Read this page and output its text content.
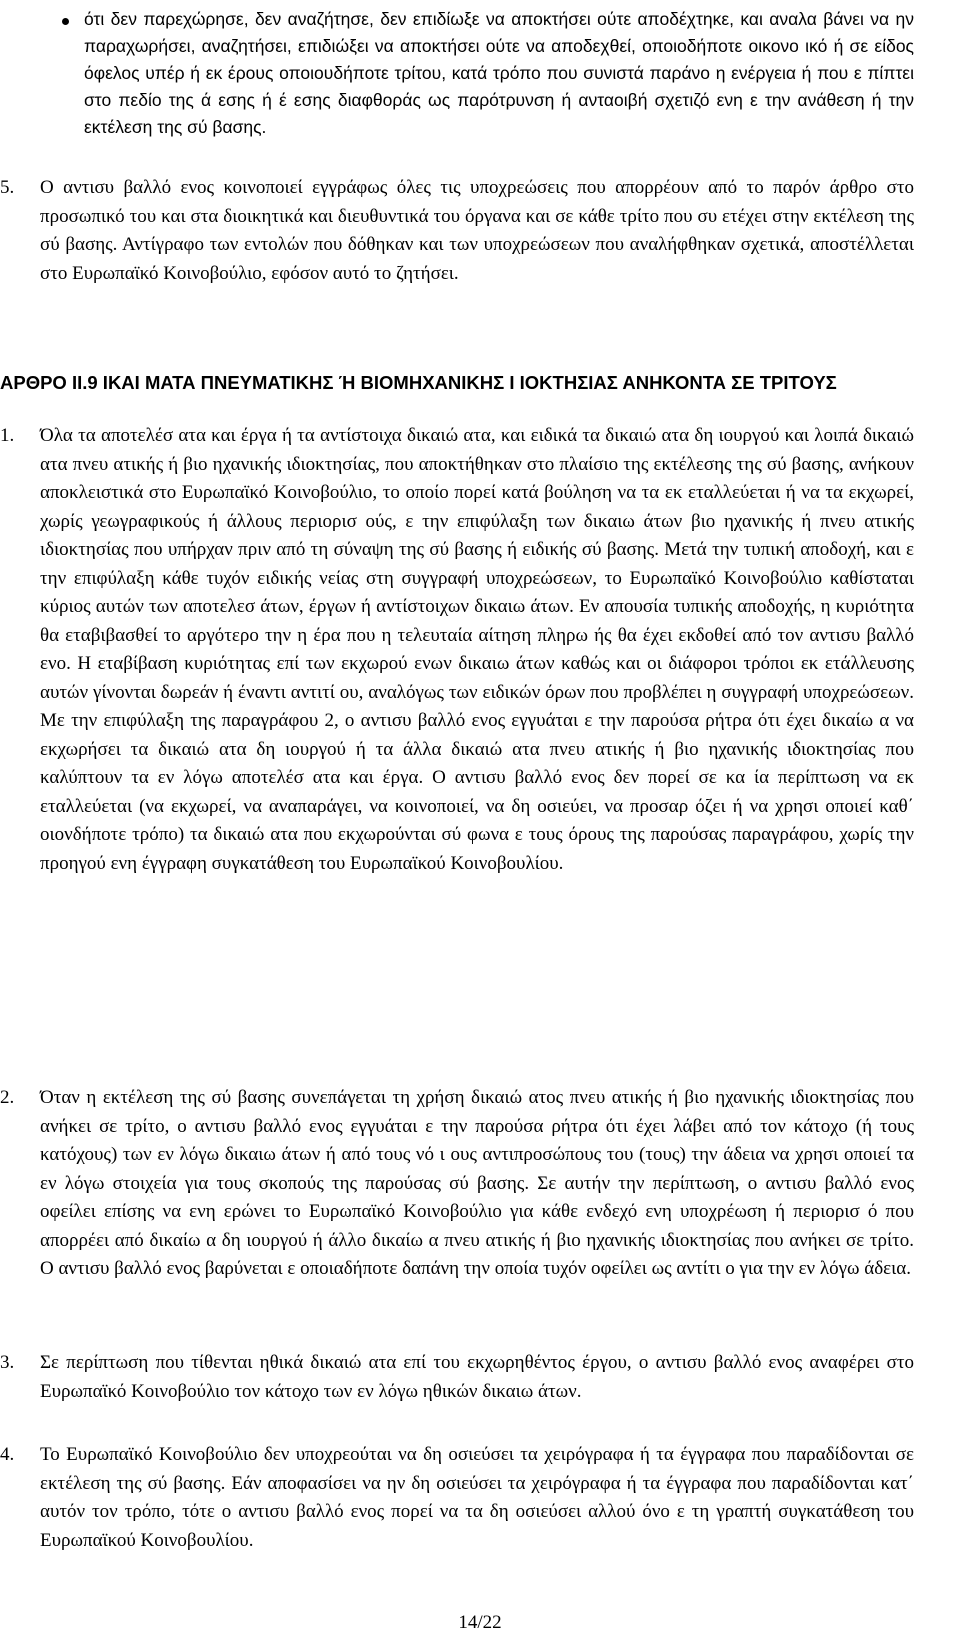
ότι δεν παρεχώρησε, δεν αναζήτησε, δεν επιδίωξε να αποκτήσει ούτε αποδέχτηκε, και αναλα βάνει να ην παραχωρήσει, αναζητήσει, επιδιώξει να αποκτήσει ούτε να αποδεχθεί, οποιοδήποτε οικονο ικό ή σε είδος όφελος υπέρ ή εκ έρους οποιουδήποτε τρίτου, κατά τρόπο που συνιστά παράνο η ενέργεια ή που ε πίπτει στο πεδίο της ά εσης ή έ εσης διαφθοράς ως παρότρυνση ή ανταοιβή σχετιζό ενη ε την ανάθεση ή την εκτέλεση της σύ βασης.

5. Ο αντισυ βαλλό ενος κοινοποιεί εγγράφως όλες τις υποχρεώσεις που απορρέουν από το παρόν άρθρο στο προσωπικό του και στα διοικητικά και διευθυντικά του όργανα και σε κάθε τρίτο που συ ετέχει στην εκτέλεση της σύ βασης. Αντίγραφο των εντολών που δόθηκαν και των υποχρεώσεων που αναλήφθηκαν σχετικά, αποστέλλεται στο Ευρωπαϊκό Κοινοβούλιο, εφόσον αυτό το ζητήσει.

ΑΡΘΡΟ II.9 ΙΚΑΙ ΜΑΤΑ ΠΝΕΥΜΑΤΙΚΗΣ Ή ΒΙΟΜΗΧΑΝΙΚΗΣ Ι ΙΟΚΤΗΣΙΑΣ ΑΝΗΚΟΝΤΑ ΣΕ ΤΡΙΤΟΥΣ
1. Όλα τα αποτελέσ ατα και έργα ή τα αντίστοιχα δικαιώ ατα, και ειδικά τα δικαιώ ατα δη ιουργού και λοιπά δικαιώ ατα πνευ ατικής ή βιο ηχανικής ιδιοκτησίας, που αποκτήθηκαν στο πλαίσιο της εκτέλεσης της σύ βασης, ανήκουν αποκλειστικά στο Ευρωπαϊκό Κοινοβούλιο, το οποίο πορεί κατά βούληση να τα εκ εταλλεύεται ή να τα εκχωρεί, χωρίς γεωγραφικούς ή άλλους περιορισ ούς, ε την επιφύλαξη των δικαιω άτων βιο ηχανικής ή πνευ ατικής ιδιοκτησίας που υπήρχαν πριν από τη σύναψη της σύ βασης ή ειδικής σύ βασης. Μετά την τυπική αποδοχή, και ε την επιφύλαξη κάθε τυχόν ειδικής νείας στη συγγραφή υποχρεώσεων, το Ευρωπαϊκό Κοινοβούλιο καθίσταται κύριος αυτών των αποτελεσ άτων, έργων ή αντίστοιχων δικαιω άτων. Εν απουσία τυπικής αποδοχής, η κυριότητα θα εταβιβασθεί το αργότερο την η έρα που η τελευταία αίτηση πληρω ής θα έχει εκδοθεί από τον αντισυ βαλλό ενο. Η εταβίβαση κυριότητας επί των εκχωρού ενων δικαιω άτων καθώς και οι διάφοροι τρόποι εκ ετάλλευσης αυτών γίνονται δωρεάν ή έναντι αντιτί ου, αναλόγως των ειδικών όρων που προβλέπει η συγγραφή υποχρεώσεων. Με την επιφύλαξη της παραγράφου 2, ο αντισυ βαλλό ενος εγγυάται ε την παρούσα ρήτρα ότι έχει δικαίω α να εκχωρήσει τα δικαιώ ατα δη ιουργού ή τα άλλα δικαιώ ατα πνευ ατικής ή βιο ηχανικής ιδιοκτησίας που καλύπτουν τα εν λόγω αποτελέσ ατα και έργα. Ο αντισυ βαλλό ενος δεν πορεί σε κα ία περίπτωση να εκ εταλλεύεται (να εκχωρεί, να αναπαράγει, να κοινοποιεί, να δη οσιεύει, να προσαρ όζει ή να χρησι οποιεί καθ΄ οιονδήποτε τρόπο) τα δικαιώ ατα που εκχωρούνται σύ φωνα ε τους όρους της παρούσας παραγράφου, χωρίς την προηγού ενη έγγραφη συγκατάθεση του Ευρωπαϊκού Κοινοβουλίου.

2. Όταν η εκτέλεση της σύ βασης συνεπάγεται τη χρήση δικαιώ ατος πνευ ατικής ή βιο ηχανικής ιδιοκτησίας που ανήκει σε τρίτο, ο αντισυ βαλλό ενος εγγυάται ε την παρούσα ρήτρα ότι έχει λάβει από τον κάτοχο (ή τους κατόχους) των εν λόγω δικαιω άτων ή από τους νό ι ους αντιπροσώπους του (τους) την άδεια να χρησι οποιεί τα εν λόγω στοιχεία για τους σκοπούς της παρούσας σύ βασης. Σε αυτήν την περίπτωση, ο αντισυ βαλλό ενος οφείλει επίσης να ενη ερώνει το Ευρωπαϊκό Κοινοβούλιο για κάθε ενδεχό ενη υποχρέωση ή περιορισ ό που απορρέει από δικαίω α δη ιουργού ή άλλο δικαίω α πνευ ατικής ή βιο ηχανικής ιδιοκτησίας που ανήκει σε τρίτο. Ο αντισυ βαλλό ενος βαρύνεται ε οποιαδήποτε δαπάνη την οποία τυχόν οφείλει ως αντίτι ο για την εν λόγω άδεια.

3. Σε περίπτωση που τίθενται ηθικά δικαιώ ατα επί του εκχωρηθέντος έργου, ο αντισυ βαλλό ενος αναφέρει στο Ευρωπαϊκό Κοινοβούλιο τον κάτοχο των εν λόγω ηθικών δικαιω άτων.

4. Το Ευρωπαϊκό Κοινοβούλιο δεν υποχρεούται να δη οσιεύσει τα χειρόγραφα ή τα έγγραφα που παραδίδονται σε εκτέλεση της σύ βασης. Εάν αποφασίσει να ην δη οσιεύσει τα χειρόγραφα ή τα έγγραφα που παραδίδονται κατ΄ αυτόν τον τρόπο, τότε ο αντισυ βαλλό ενος πορεί να τα δη οσιεύσει αλλού όνο ε τη γραπτή συγκατάθεση του Ευρωπαϊκού Κοινοβουλίου.

14/22
